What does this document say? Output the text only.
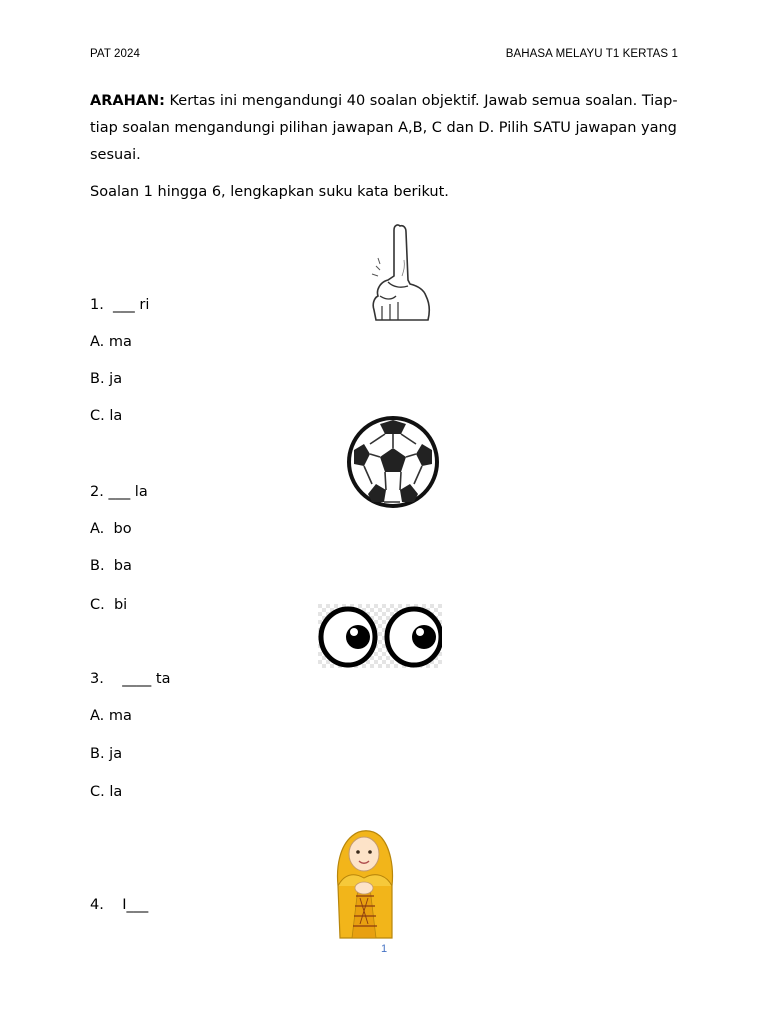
PAT 2024	BAHASA MELAYU T1 KERTAS 1
ARAHAN: Kertas ini mengandungi 40 soalan objektif. Jawab semua soalan. Tiap-tiap soalan mengandungi pilihan jawapan A,B, C dan D. Pilih SATU jawapan yang sesuai.
Soalan 1 hingga 6, lengkapkan suku kata berikut.
1.  ___ ri
A. ma
B. ja
C. la
2. ___ la
A.  bo
B.  ba
C.  bi
3.    ____ ta
A. ma
B. ja
C. la
4.    I___
1
